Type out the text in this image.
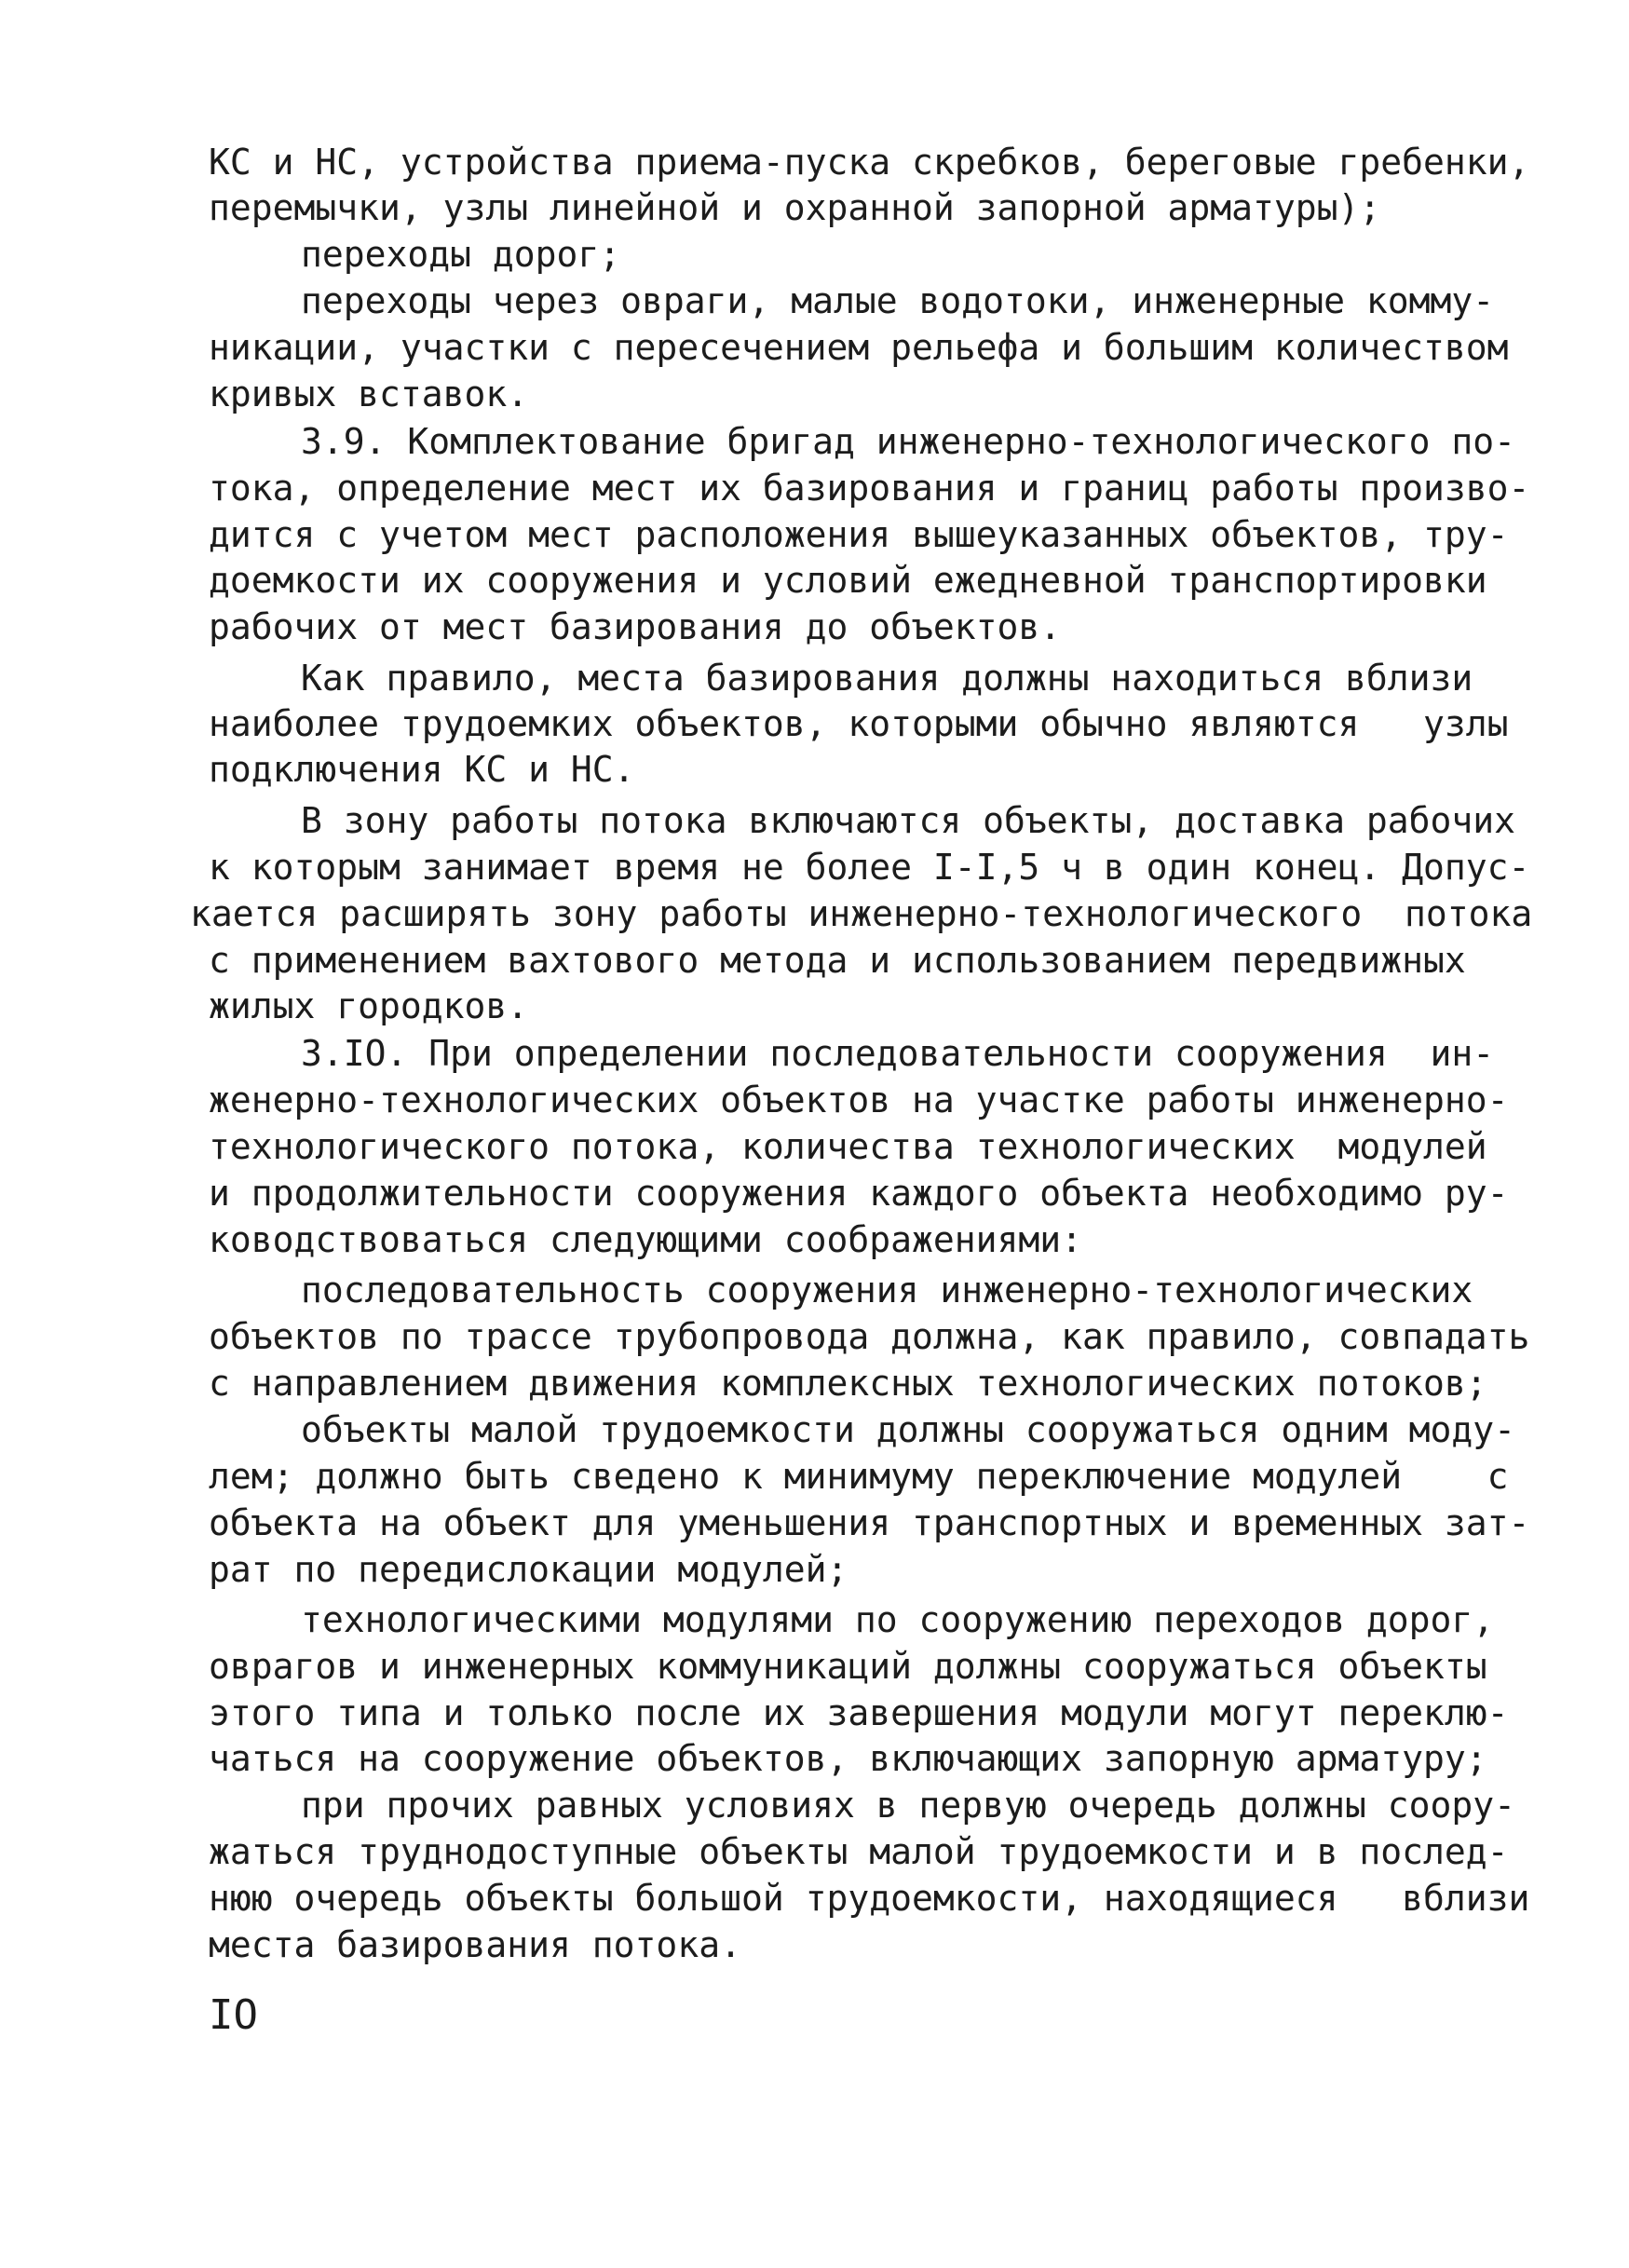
КС и НС, устройства приема-пуска скребков, береговые гребенки,
перемычки, узлы линейной и охранной запорной арматуры);
переходы дорог;
переходы через овраги, малые водотоки, инженерные комму-
никации, участки с пересечением рельефа и большим количеством
кривых вставок.
3.9. Комплектование бригад инженерно-технологического по-
тока, определение мест их базирования и границ работы произво-
дится с учетом мест расположения вышеуказанных объектов, тру-
доемкости их сооружения и условий ежедневной транспортировки
рабочих от мест базирования до объектов.
Как правило, места базирования должны находиться вблизи
наиболее трудоемких объектов, которыми обычно являются   узлы
подключения КС и НС.
В зону работы потока включаются объекты, доставка рабочих
к которым занимает время не более I-I,5 ч в один конец. Допус-
кается расширять зону работы инженерно-технологического  потока
с применением вахтового метода и использованием передвижных
жилых городков.
3.IO. При определении последовательности сооружения  ин-
женерно-технологических объектов на участке работы инженерно-
технологического потока, количества технологических  модулей
и продолжительности сооружения каждого объекта необходимо ру-
ководствоваться следующими соображениями:
последовательность сооружения инженерно-технологических
объектов по трассе трубопровода должна, как правило, совпадать
с направлением движения комплексных технологических потоков;
объекты малой трудоемкости должны сооружаться одним моду-
лем; должно быть сведено к минимуму переключение модулей    с
объекта на объект для уменьшения транспортных и временных зат-
рат по передислокации модулей;
технологическими модулями по сооружению переходов дорог,
оврагов и инженерных коммуникаций должны сооружаться объекты
этого типа и только после их завершения модули могут переклю-
чаться на сооружение объектов, включающих запорную арматуру;
при прочих равных условиях в первую очередь должны соору-
жаться труднодоступные объекты малой трудоемкости и в послед-
нюю очередь объекты большой трудоемкости, находящиеся   вблизи
места базирования потока.
IO
